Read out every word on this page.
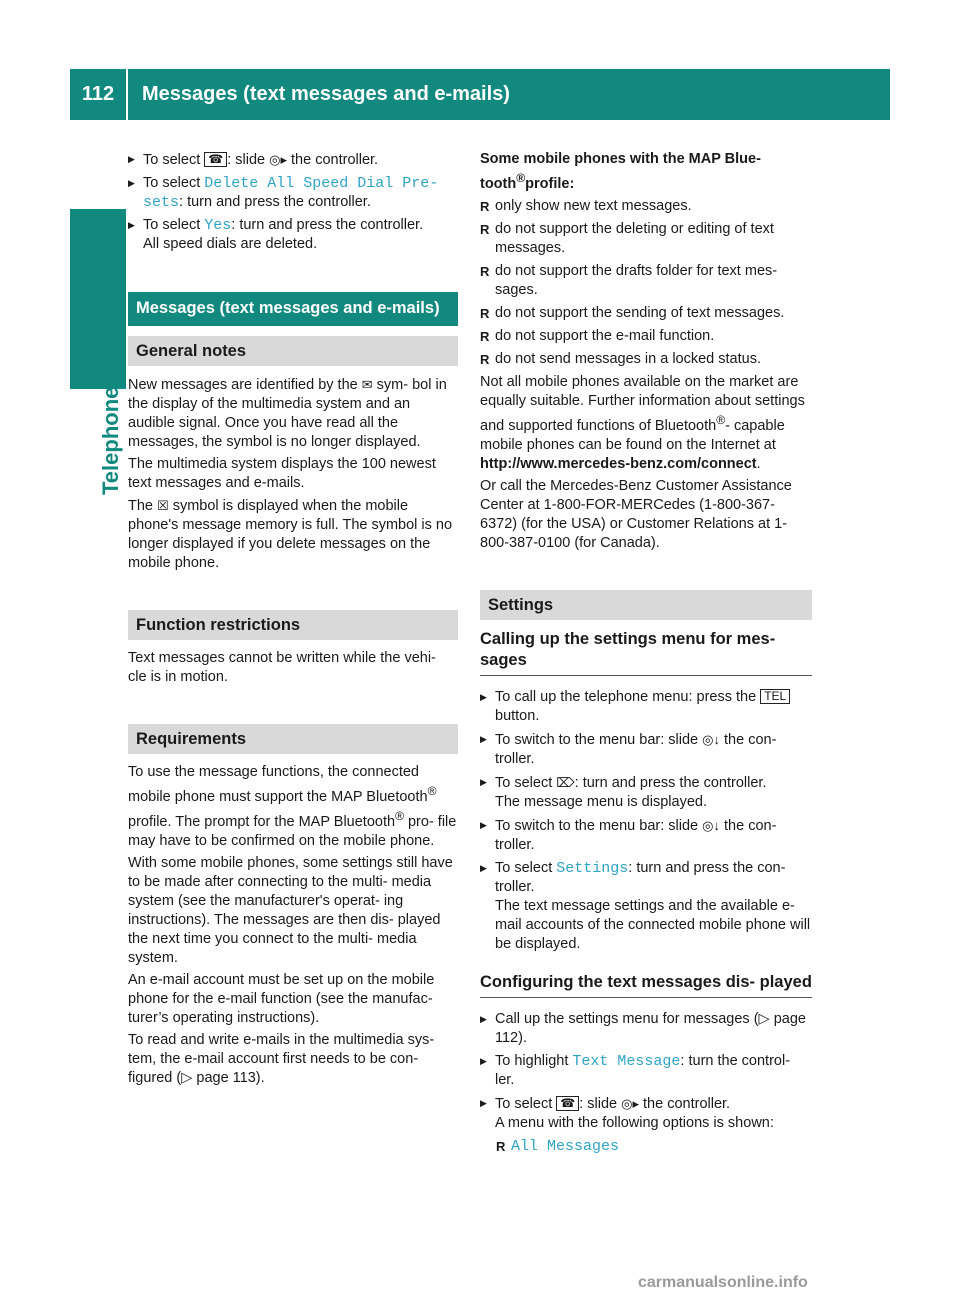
112	Messages (text messages and e-mails)
Telephone
▶ To select ☎ : slide ◎▸ the controller.
▶ To select Delete All Speed Dial Pre‐ sets: turn and press the controller.
▶ To select Yes: turn and press the controller.
All speed dials are deleted.
Messages (text messages and e-mails)
General notes

New messages are identified by the ✉ sym- bol in the display of the multimedia system and an audible signal. Once you have read all the messages, the symbol is no longer displayed.

The multimedia system displays the 100 newest text messages and e-mails.

The ☒ symbol is displayed when the mobile phone's message memory is full. The symbol is no longer displayed if you delete messages on the mobile phone.

Function restrictions

Text messages cannot be written while the vehi- cle is in motion.

Requirements

To use the message functions, the connected mobile phone must support the MAP Bluetooth® profile. The prompt for the MAP Bluetooth® pro- file may have to be confirmed on the mobile phone.

With some mobile phones, some settings still have to be made after connecting to the multi- media system (see the manufacturer's operat- ing instructions). The messages are then dis- played the next time you connect to the multi- media system.

An e-mail account must be set up on the mobile phone for the e-mail function (see the manufac- turer’s operating instructions).

To read and write e-mails in the multimedia sys- tem, the e-mail account first needs to be con- figured (▷ page 113).

Some mobile phones with the MAP Blue- tooth®profile:

R only show new text messages.
R do not support the deleting or editing of text messages.
R do not support the drafts folder for text mes- sages.
R do not support the sending of text messages.
R do not support the e-mail function.
R do not send messages in a locked status.

Not all mobile phones available on the market are equally suitable. Further information about settings and supported functions of Bluetooth®- capable mobile phones can be found on the Internet at
http://www.mercedes-benz.com/connect.

Or call the Mercedes-Benz Customer Assistance Center at 1-800-FOR-MERCedes (1-800-367-6372) (for the USA) or Customer Relations at 1-800-387-0100 (for Canada).

Settings
Calling up the settings menu for mes- sages
▶ To call up the telephone menu: press the TEL button.
▶ To switch to the menu bar: slide ◎↓ the con- troller.
▶ To select ⌦: turn and press the controller.
The message menu is displayed.
▶ To switch to the menu bar: slide ◎↓ the con- troller.
▶ To select Settings: turn and press the con- troller.
The text message settings and the available e- mail accounts of the connected mobile phone will be displayed.
Configuring the text messages dis- played
▶ Call up the settings menu for messages (▷ page 112).
▶ To highlight Text Message: turn the control- ler.
▶ To select ☎ : slide ◎▸ the controller.
A menu with the following options is shown:
R All Messages
carmanualsonline.info
